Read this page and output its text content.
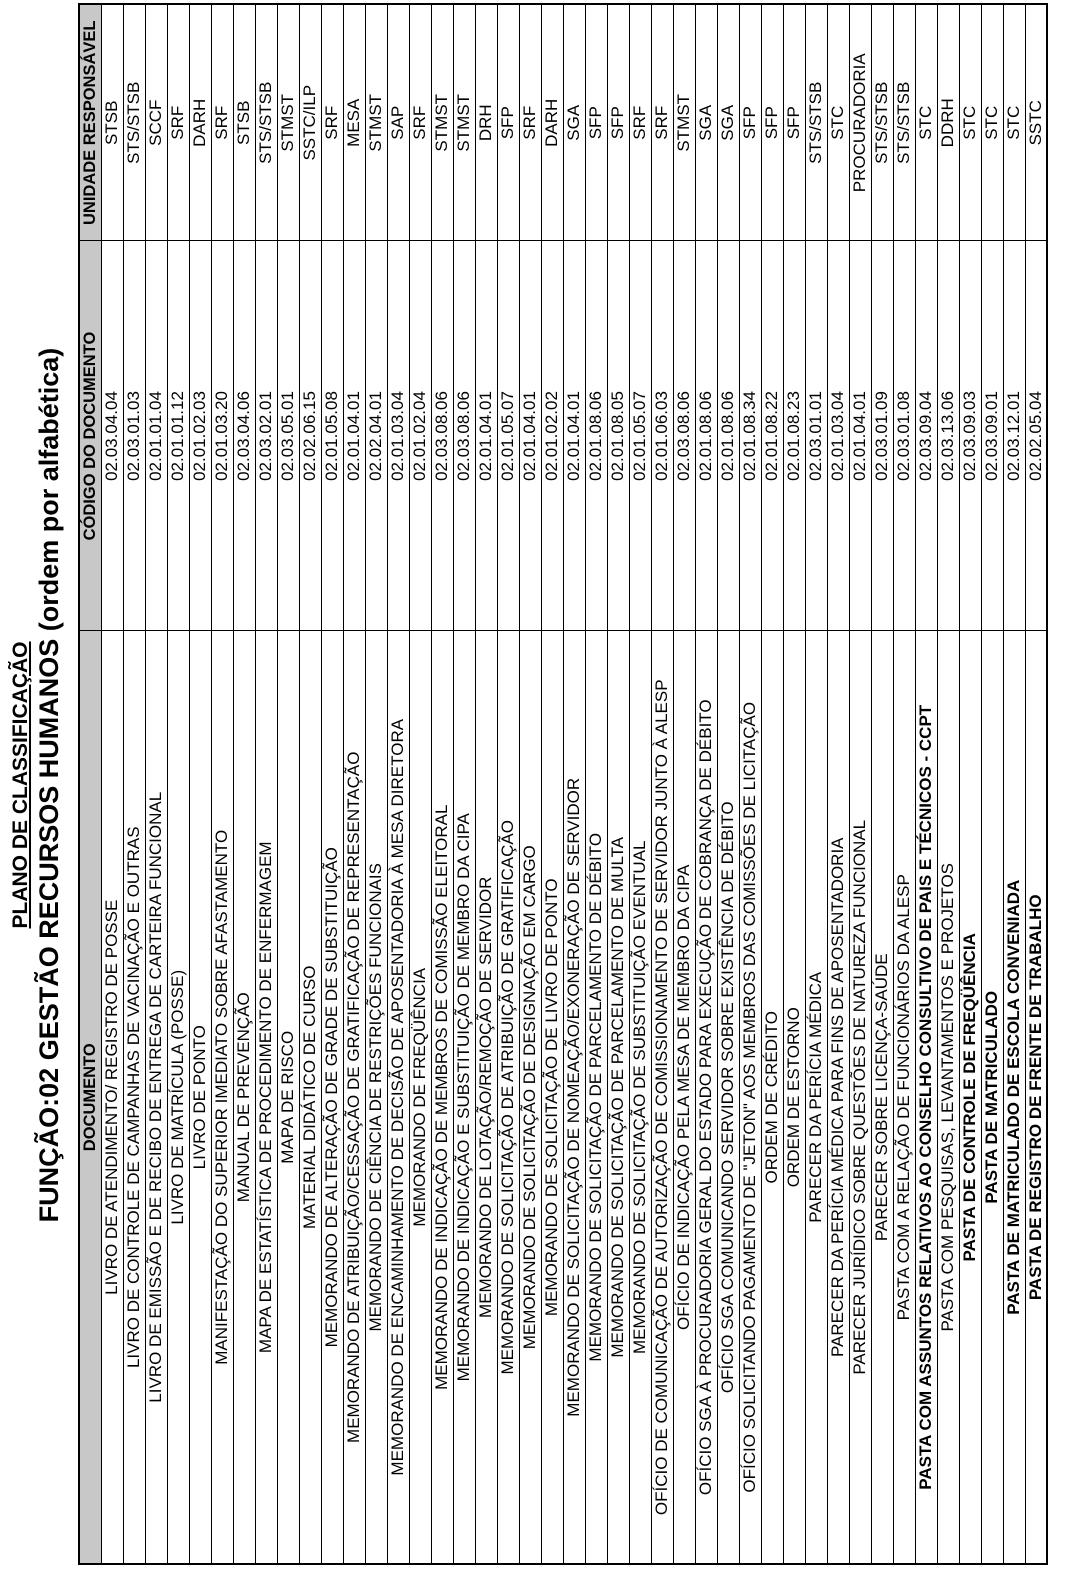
PLANO DE CLASSIFICAÇÃO FUNÇÃO:02 GESTÃO RECURSOS HUMANOS (ordem por alfabética) DOCUMENTO	CÓDIGO DO DOCUMENTO	UNIDADE RESPONSÁVEL
LIVRO DE ATENDIMENTO/ REGISTRO DE POSSE	02.03.04.04	STSB
LIVRO DE CONTROLE DE CAMPANHAS DE VACINAÇÃO E OUTRAS	02.03.01.03	STS/STSB
LIVRO DE EMISSÃO E DE RECIBO DE ENTREGA DE CARTEIRA FUNCIONAL	02.01.01.04	SCCF
LIVRO DE MATRÍCULA (POSSE)	02.01.01.12	SRF
LIVRO DE PONTO	02.01.02.03	DARH
MANIFESTAÇÃO DO SUPERIOR IMEDIATO SOBRE AFASTAMENTO	02.01.03.20	SRF
MANUAL DE PREVENÇÃO	02.03.04.06	STSB
MAPA DE ESTATÍSTICA DE PROCEDIMENTO DE ENFERMAGEM	02.03.02.01	STS/STSB
MAPA DE RISCO	02.03.05.01	STMST
MATERIAL DIDÁTICO DE CURSO	02.02.06.15	SSTC/ILP
MEMORANDO DE ALTERAÇÃO DE GRADE DE SUBSTITUIÇÃO	02.01.05.08	SRF
MEMORANDO DE ATRIBUIÇÃO/CESSAÇÃO DE GRATIFICAÇÃO DE REPRESENTAÇÃO	02.01.04.01	MESA
MEMORANDO DE CIÊNCIA DE RESTRIÇÕES FUNCIONAIS	02.02.04.01	STMST
MEMORANDO DE ENCAMINHAMENTO DE DECISÃO DE APOSENTADORIA À MESA DIRETORA	02.01.03.04	SAP
MEMORANDO DE FREQÜÊNCIA	02.01.02.04	SRF
MEMORANDO DE INDICAÇÃO DE MEMBROS DE COMISSÃO ELEITORAL	02.03.08.06	STMST
MEMORANDO DE INDICAÇÃO E SUBSTITUIÇÃO DE MEMBRO DA CIPA	02.03.08.06	STMST
MEMORANDO DE LOTAÇÃO/REMOÇÃO DE SERVIDOR	02.01.04.01	DRH
MEMORANDO DE SOLICITAÇÃO DE ATRIBUIÇÃO DE GRATIFICAÇÃO	02.01.05.07	SFP
MEMORANDO DE SOLICITAÇÃO DE DESIGNAÇÃO EM CARGO	02.01.04.01	SRF
MEMORANDO DE SOLICITAÇÃO DE LIVRO DE PONTO	02.01.02.02	DARH
MEMORANDO DE SOLICITAÇÃO DE NOMEAÇÃO/EXONERAÇÃO DE SERVIDOR	02.01.04.01	SGA
MEMORANDO DE SOLICITAÇÃO DE PARCELAMENTO DE DÉBITO	02.01.08.06	SFP
MEMORANDO DE SOLICITAÇÃO DE PARCELAMENTO DE MULTA	02.01.08.05	SFP
MEMORANDO DE SOLICITAÇÃO DE SUBSTITUIÇÃO EVENTUAL	02.01.05.07	SRF
OFÍCIO DE COMUNICAÇÃO DE AUTORIZAÇÃO DE COMISSIONAMENTO DE SERVIDOR JUNTO À ALESP	02.01.06.03	SRF
OFÍCIO DE INDICAÇÃO PELA MESA DE MEMBRO DA CIPA	02.03.08.06	STMST
OFÍCIO SGA À PROCURADORIA GERAL DO ESTADO PARA EXECUÇÃO DE COBRANÇA DE DÉBITO	02.01.08.06	SGA
OFÍCIO SGA COMUNICANDO SERVIDOR SOBRE EXISTÊNCIA DE DÉBITO	02.01.08.06	SGA
OFÍCIO SOLICITANDO PAGAMENTO DE "JETON" AOS MEMBROS DAS COMISSÕES DE LICITAÇÃO	02.01.08.34	SFP
ORDEM DE CRÉDITO	02.01.08.22	SFP
ORDEM DE ESTORNO	02.01.08.23	SFP
PARECER DA PERÍCIA MÉDICA	02.03.01.01	STS/STSB
PARECER DA PERÍCIA MÉDICA PARA FINS DE APOSENTADORIA	02.01.03.04	STC
PARECER JURÍDICO SOBRE QUESTÕES DE NATUREZA FUNCIONAL	02.01.04.01	PROCURADORIA
PARECER SOBRE LICENÇA-SAÚDE	02.03.01.09	STS/STSB
PASTA COM A RELAÇÃO DE FUNCIONÁRIOS DA ALESP	02.03.01.08	STS/STSB
PASTA COM ASSUNTOS RELATIVOS AO CONSELHO CONSULTIVO DE PAIS E TÉCNICOS - CCPT	02.03.09.04	STC
PASTA COM PESQUISAS, LEVANTAMENTOS E PROJETOS	02.03.13.06	DDRH
PASTA DE CONTROLE DE FREQÜÊNCIA	02.03.09.03	STC
PASTA DE MATRICULADO	02.03.09.01	STC
PASTA DE MATRICULADO DE ESCOLA CONVENIADA	02.03.12.01	STC
PASTA DE REGISTRO DE FRENTE DE TRABALHO	02.02.05.04	SSTC
